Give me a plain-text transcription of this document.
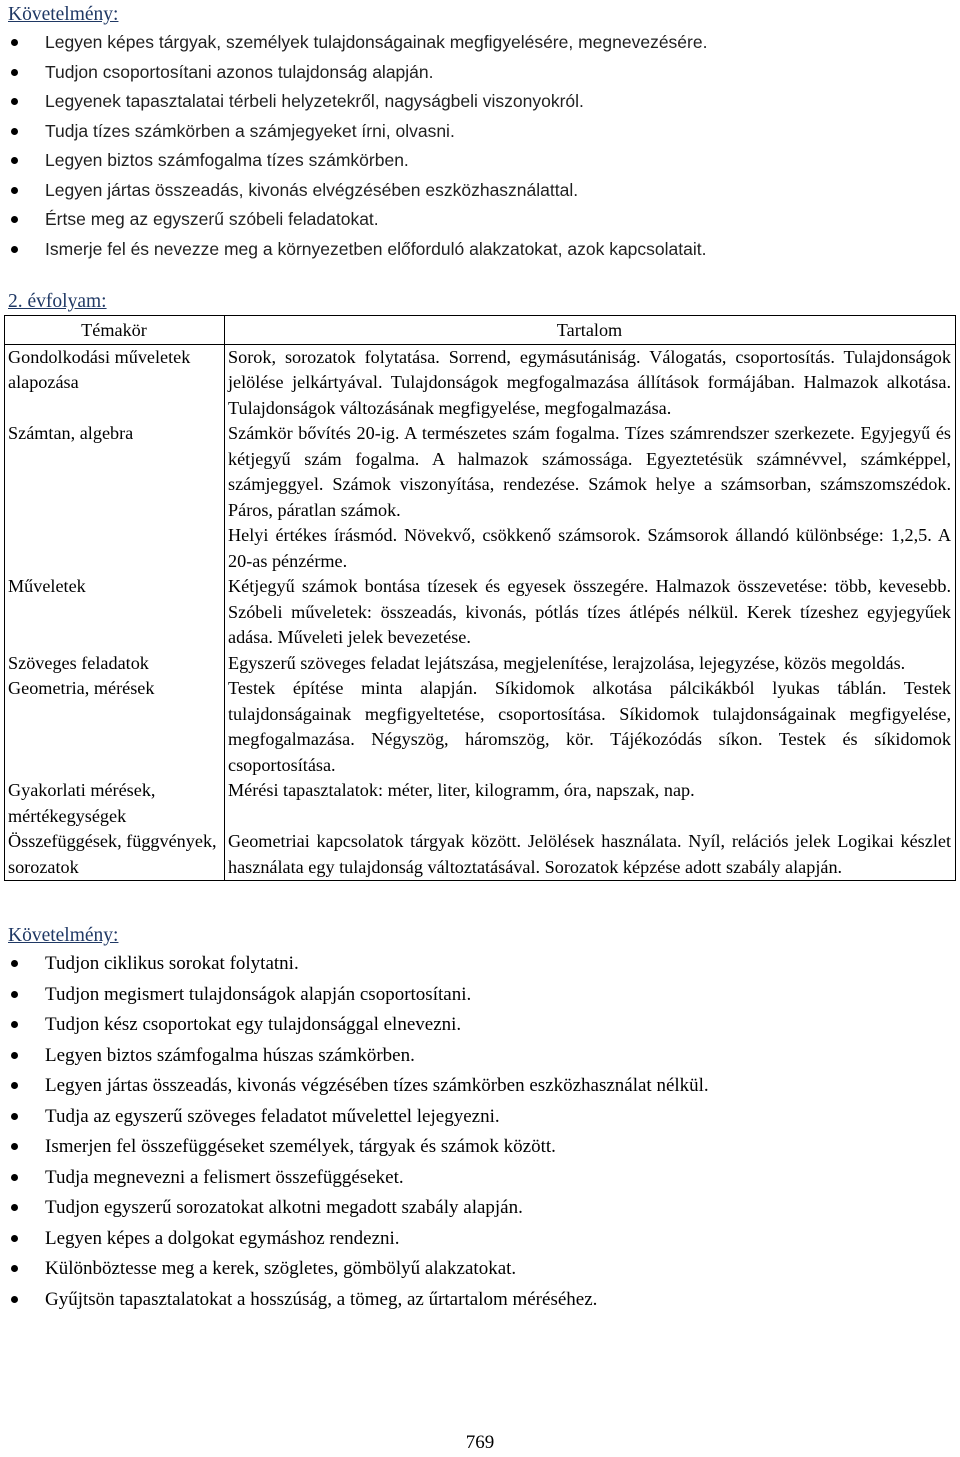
Követelmény:

Legyen képes tárgyak, személyek tulajdonságainak megfigyelésére, megnevezésére.
Tudjon csoportosítani azonos tulajdonság alapján.
Legyenek tapasztalatai térbeli helyzetekről, nagyságbeli viszonyokról.
Tudja tízes számkörben a számjegyeket írni, olvasni.
Legyen biztos számfogalma tízes számkörben.
Legyen jártas összeadás, kivonás elvégzésében eszközhasználattal.
Értse meg az egyszerű szóbeli feladatokat.
Ismerje fel és nevezze meg a környezetben előforduló alakzatokat, azok kapcsolatait.

2. évfolyam:

Témakör	Tartalom
Gondolkodási műveletek alapozása	Sorok, sorozatok folytatása. Sorrend, egymásutániság. Válogatás, csoportosítás. Tulajdonságok jelölése jelkártyával. Tulajdonságok megfogalmazása állítások formájában. Halmazok alkotása. Tulajdonságok változásának megfigyelése, megfogalmazása.

Számtan, algebra	Számkör bővítés 20-ig. A természetes szám fogalma. Tízes számrendszer szerkezete. Egyjegyű és kétjegyű szám fogalma. A halmazok számossága. Egyeztetésük számnévvel, számképpel, számjeggyel. Számok viszonyítása, rendezése. Számok helye a számsorban, számszomszédok. Páros, páratlan számok.

Helyi értékes írásmód. Növekvő, csökkenő számsorok. Számsorok állandó különbsége: 1,2,5. A 20-as pénzérme.

Műveletek	Kétjegyű számok bontása tízesek és egyesek összegére. Halmazok összevetése: több, kevesebb. Szóbeli műveletek: összeadás, kivonás, pótlás tízes átlépés nélkül. Kerek tízeshez egyjegyűek adása. Műveleti jelek bevezetése.

Szöveges feladatok	Egyszerű szöveges feladat lejátszása, megjelenítése, lerajzolása, lejegyzése, közös megoldás.

Geometria, mérések	Testek építése minta alapján. Síkidomok alkotása pálcikákból lyukas táblán. Testek tulajdonságainak megfigyeltetése, csoportosítása. Síkidomok tulajdonságainak megfigyelése, megfogalmazása. Négyszög, háromszög, kör. Tájékozódás síkon. Testek és síkidomok csoportosítása.

Gyakorlati mérések, mértékegységek	Mérési tapasztalatok: méter, liter, kilogramm, óra, napszak, nap.

Összefüggések, függvények, sorozatok	Geometriai kapcsolatok tárgyak között. Jelölések használata. Nyíl, relációs jelek Logikai készlet használata egy tulajdonság változtatásával. Sorozatok képzése adott szabály alapján.

Követelmény:

Tudjon ciklikus sorokat folytatni.
Tudjon megismert tulajdonságok alapján csoportosítani.
Tudjon kész csoportokat egy tulajdonsággal elnevezni.
Legyen biztos számfogalma húszas számkörben.
Legyen jártas összeadás, kivonás végzésében tízes számkörben eszközhasználat nélkül.
Tudja az egyszerű szöveges feladatot művelettel lejegyezni.
Ismerjen fel összefüggéseket személyek, tárgyak és számok között.
Tudja megnevezni a felismert összefüggéseket.
Tudjon egyszerű sorozatokat alkotni megadott szabály alapján.
Legyen képes a dolgokat egymáshoz rendezni.
Különböztesse meg a kerek, szögletes, gömbölyű alakzatokat.
Gyűjtsön tapasztalatokat a hosszúság, a tömeg, az űrtartalom méréséhez.
769
